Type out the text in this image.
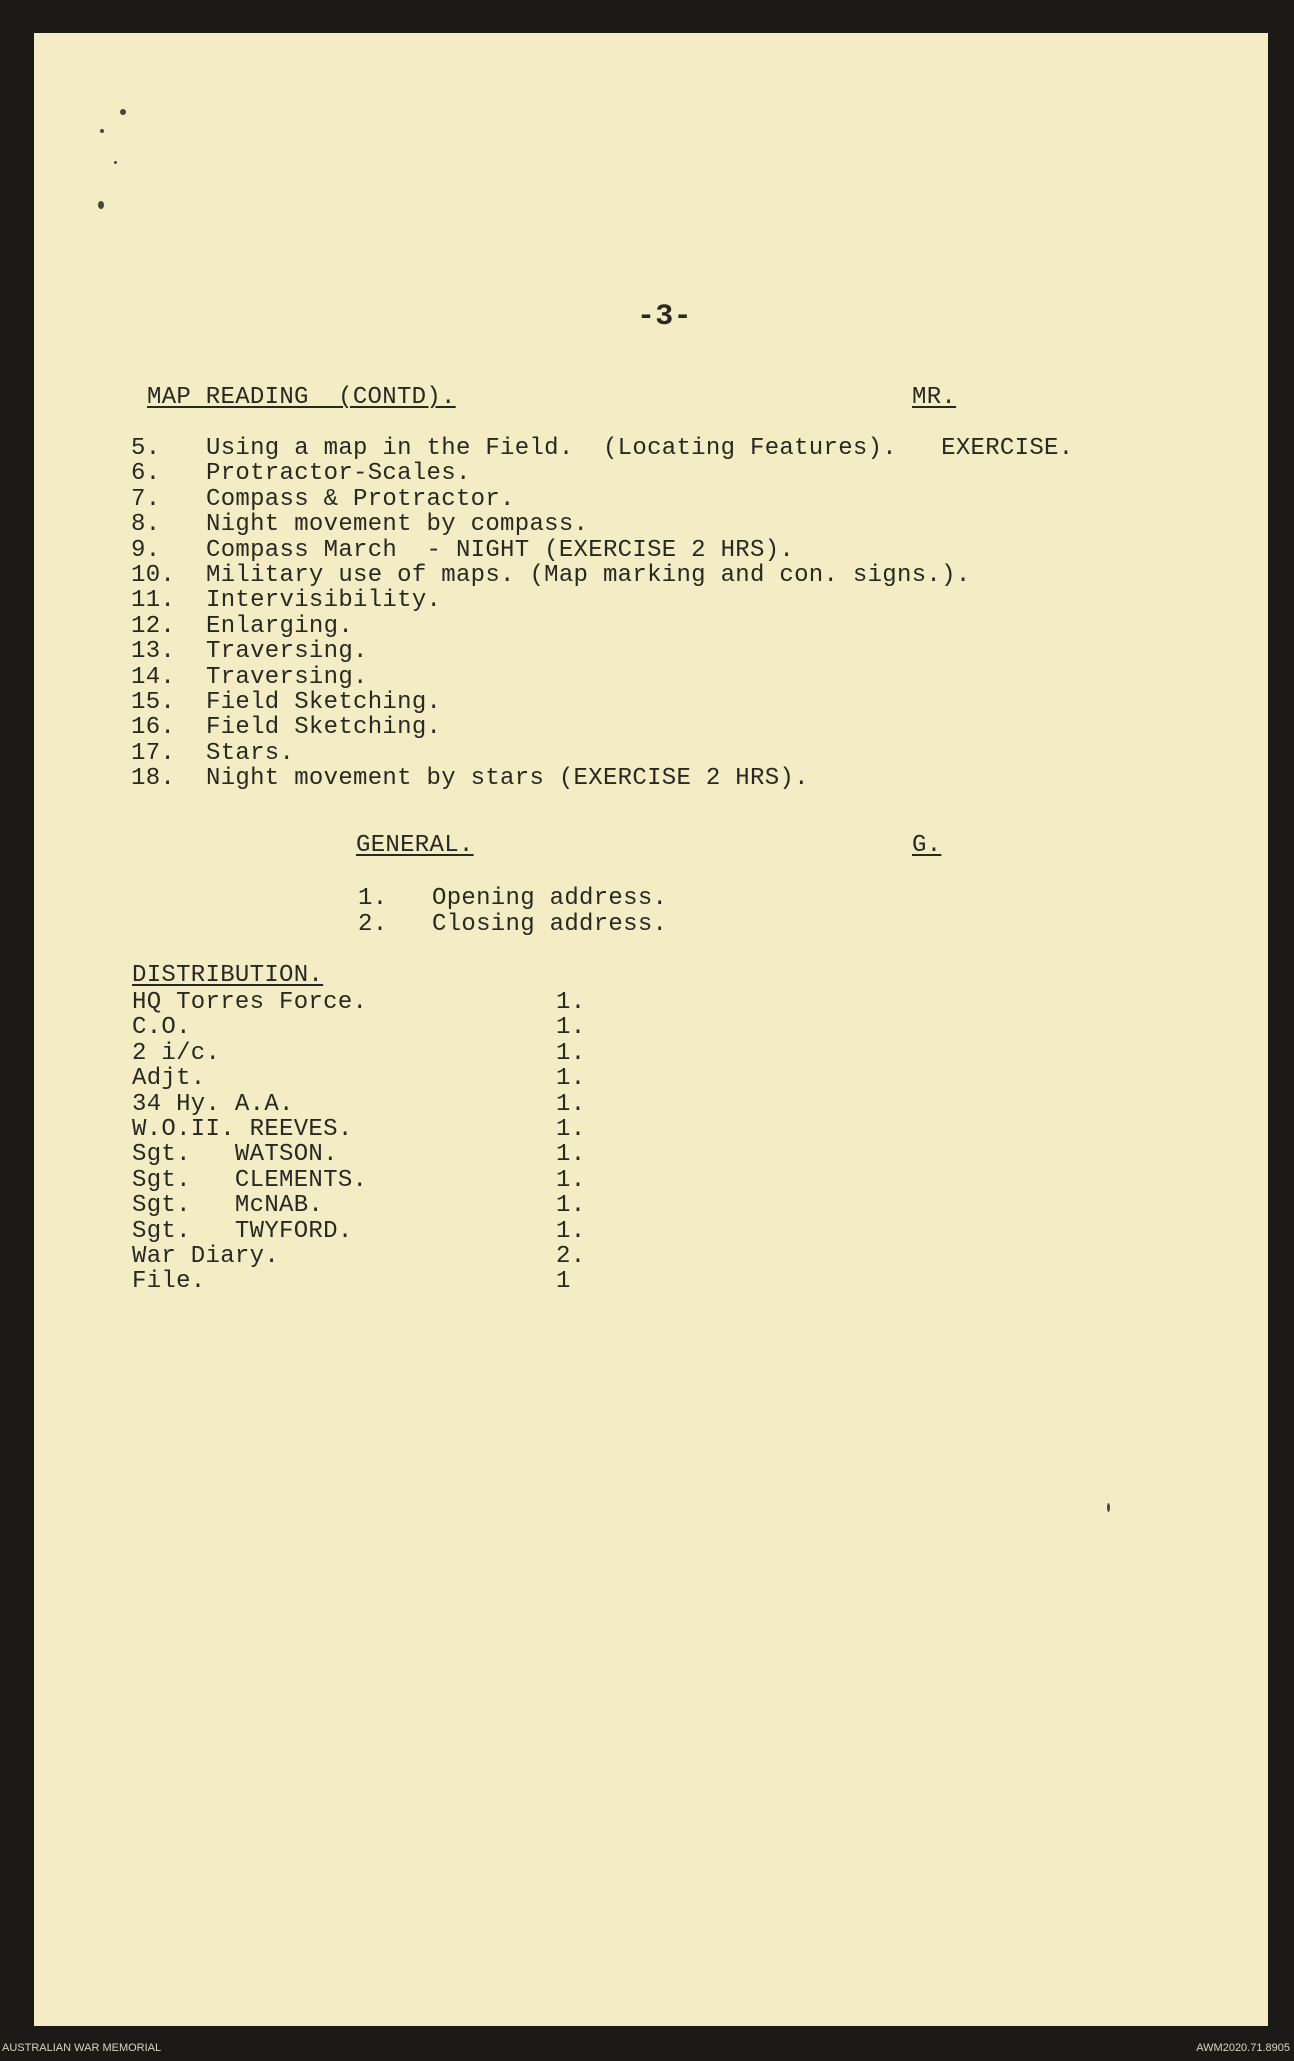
-3-
MAP READING  (CONTD).	MR.
5. Using a map in the Field.  (Locating Features).   EXERCISE.
6. Protractor-Scales.
7. Compass & Protractor.
8. Night movement by compass.
9. Compass March  - NIGHT (EXERCISE 2 HRS).
10. Military use of maps. (Map marking and con. signs.).
11. Intervisibility.
12. Enlarging.
13. Traversing.
14. Traversing.
15. Field Sketching.
16. Field Sketching.
17. Stars.
18. Night movement by stars (EXERCISE 2 HRS).
GENERAL.	G.
1. Opening address.
2. Closing address.
DISTRIBUTION.
HQ Torres Force.	1.
C.O.	1.
2 i/c.	1.
Adjt.	1.
34 Hy. A.A.	1.
W.O.II. REEVES.	1.
Sgt.   WATSON.	1.
Sgt.   CLEMENTS.	1.
Sgt.   McNAB.	1.
Sgt.   TWYFORD.	1.
War Diary.	2.
File.	1
AUSTRALIAN WAR MEMORIAL	AWM2020.71.8905
